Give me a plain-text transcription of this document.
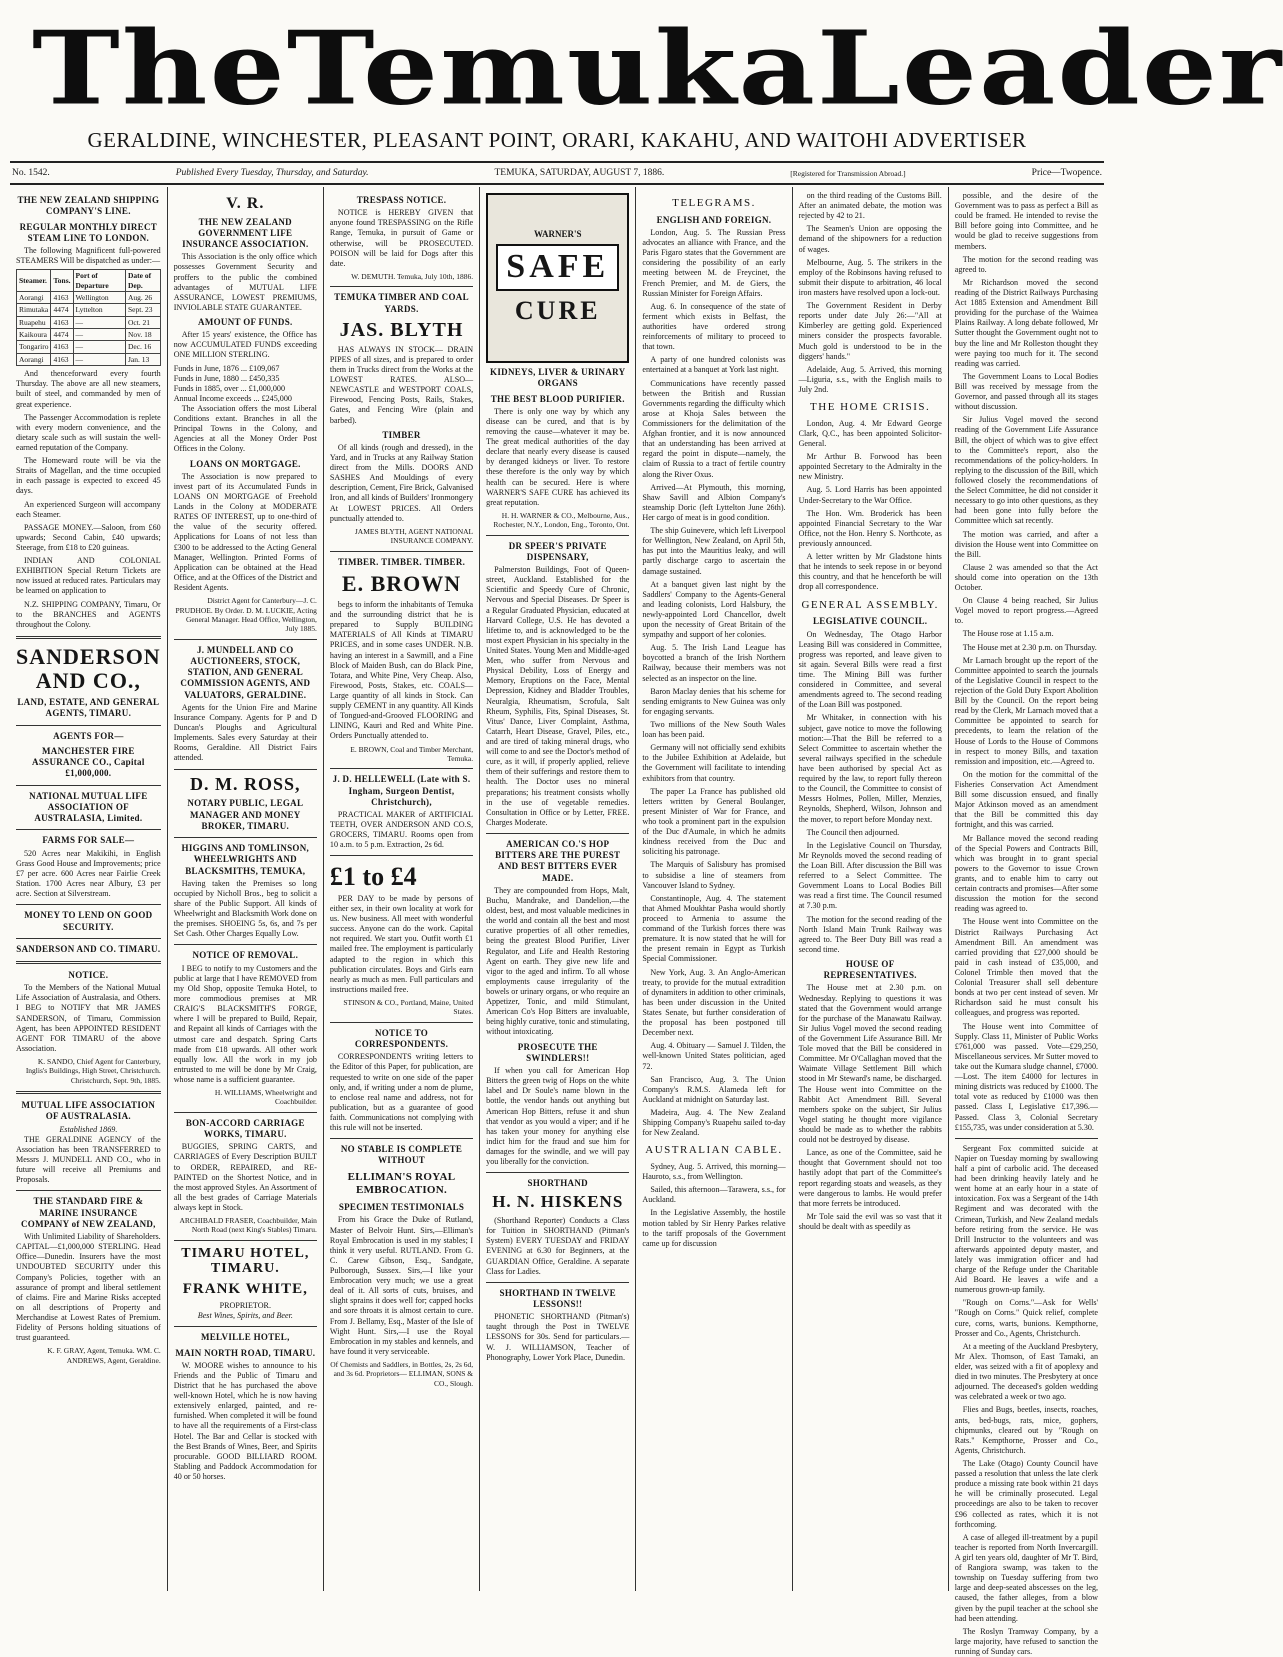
The Temuka Leader
GERALDINE, WINCHESTER, PLEASANT POINT, ORARI, KAKAHU, AND WAITOHI ADVERTISER
No. 1542.	Published Every Tuesday, Thursday, and Saturday.	TEMUKA, SATURDAY, AUGUST 7, 1886.	[Registered for Transmission Abroad.]	Price—Twopence.
THE NEW ZEALAND SHIPPING COMPANY'S LINE.
REGULAR MONTHLY DIRECT STEAM LINE TO LONDON.

The following Magnificent full-powered STEAMERS Will be dispatched as under:—

Steamer.	Tons.	Port of Departure	Date of Dep.
Aorangi	4163	Wellington	Aug. 26
Rimutaka	4474	Lyttelton	Sept. 23
Ruapehu	4163	—	Oct. 21
Kaikoura	4474	—	Nov. 18
Tongariro	4163	—	Dec. 16
Aorangi	4163	—	Jan. 13

And thenceforward every fourth Thursday. The above are all new steamers, built of steel, and commanded by men of great experience.

The Passenger Accommodation is replete with every modern convenience, and the dietary scale such as will sustain the well-earned reputation of the Company.

The Homeward route will be via the Straits of Magellan, and the time occupied in each passage is expected to exceed 45 days.

An experienced Surgeon will accompany each Steamer.

PASSAGE MONEY.—Saloon, from £60 upwards; Second Cabin, £40 upwards; Steerage, from £18 to £20 guineas.

INDIAN AND COLONIAL EXHIBITION Special Return Tickets are now issued at reduced rates. Particulars may be learned on application to

N.Z. SHIPPING COMPANY, Timaru, Or to the BRANCHES and AGENTS throughout the Colony.

SANDERSON AND CO.,
LAND, ESTATE, AND GENERAL AGENTS, TIMARU.
AGENTS FOR—
MANCHESTER FIRE ASSURANCE CO., Capital £1,000,000.
NATIONAL MUTUAL LIFE ASSOCIATION OF AUSTRALASIA, Limited.
FARMS FOR SALE—

520 Acres near Makikihi, in English Grass Good House and Improvements; price £7 per acre. 600 Acres near Fairlie Creek Station. 1700 Acres near Albury, £3 per acre. Section at Silverstream.

MONEY TO LEND ON GOOD SECURITY.
SANDERSON AND CO. TIMARU.
NOTICE.

To the Members of the National Mutual Life Association of Australasia, and Others. I BEG to NOTIFY that MR JAMES SANDERSON, of Timaru, Commission Agent, has been APPOINTED RESIDENT AGENT FOR TIMARU of the above Association.

K. SANDO, Chief Agent for Canterbury, Inglis's Buildings, High Street, Christchurch. Christchurch, Sept. 9th, 1885.
MUTUAL LIFE ASSOCIATION OF AUSTRALASIA.
Established 1869.

THE GERALDINE AGENCY of the Association has been TRANSFERRED to Messrs J. MUNDELL AND CO., who in future will receive all Premiums and Proposals.

THE STANDARD FIRE & MARINE INSURANCE COMPANY of NEW ZEALAND,

With Unlimited Liability of Shareholders. CAPITAL—£1,000,000 STERLING. Head Office—Dunedin. Insurers have the most UNDOUBTED SECURITY under this Company's Policies, together with an assurance of prompt and liberal settlement of claims. Fire and Marine Risks accepted on all descriptions of Property and Merchandise at Lowest Rates of Premium. Fidelity of Persons holding situations of trust guaranteed.

K. F. GRAY, Agent, Temuka. WM. C. ANDREWS, Agent, Geraldine.
V. R.
THE NEW ZEALAND GOVERNMENT LIFE INSURANCE ASSOCIATION.

This Association is the only office which possesses Government Security and proffers to the public the combined advantages of MUTUAL LIFE ASSURANCE, LOWEST PREMIUMS, INVIOLABLE STATE GUARANTEE.

AMOUNT OF FUNDS.

After 15 years' existence, the Office has now ACCUMULATED FUNDS exceeding ONE MILLION STERLING.

Funds in June, 1876 ... £109,067
Funds in June, 1880 ... £450,335
Funds in 1885, over ... £1,000,000
Annual Income exceeds ... £245,000

The Association offers the most Liberal Conditions extant. Branches in all the Principal Towns in the Colony, and Agencies at all the Money Order Post Offices in the Colony.

LOANS ON MORTGAGE.

The Association is now prepared to invest part of its Accumulated Funds in LOANS ON MORTGAGE of Freehold Lands in the Colony at MODERATE RATES OF INTEREST, up to one-third of the value of the security offered. Applications for Loans of not less than £300 to be addressed to the Acting General Manager, Wellington. Printed Forms of Application can be obtained at the Head Office, and at the Offices of the District and Resident Agents.

District Agent for Canterbury—J. C. PRUDHOE. By Order. D. M. LUCKIE, Acting General Manager. Head Office, Wellington, July 1885.
J. MUNDELL AND CO AUCTIONEERS, STOCK, STATION, AND GENERAL COMMISSION AGENTS, AND VALUATORS, GERALDINE.

Agents for the Union Fire and Marine Insurance Company. Agents for P and D Duncan's Ploughs and Agricultural Implements. Sales every Saturday at their Rooms, Geraldine. All District Fairs attended.

D. M. ROSS,
NOTARY PUBLIC, LEGAL MANAGER AND MONEY BROKER, TIMARU.
HIGGINS AND TOMLINSON, WHEELWRIGHTS AND BLACKSMITHS, TEMUKA,

Having taken the Premises so long occupied by Nicholl Bros., beg to solicit a share of the Public Support. All kinds of Wheelwright and Blacksmith Work done on the premises. SHOEING 5s, 6s, and 7s per Set Cash. Other Charges Equally Low.

NOTICE OF REMOVAL.

I BEG to notify to my Customers and the public at large that I have REMOVED from my Old Shop, opposite Temuka Hotel, to more commodious premises at MR CRAIG'S BLACKSMITH'S FORGE, where I will be prepared to Build, Repair, and Repaint all kinds of Carriages with the utmost care and despatch. Spring Carts made from £18 upwards. All other work equally low. All the work in my job entrusted to me will be done by Mr Craig, whose name is a sufficient guarantee.

H. WILLIAMS, Wheelwright and Coachbuilder.
BON-ACCORD CARRIAGE WORKS, TIMARU.

BUGGIES, SPRING CARTS, and CARRIAGES of Every Description BUILT to ORDER, REPAIRED, and RE-PAINTED on the Shortest Notice, and in the most approved Styles. An Assortment of all the best grades of Carriage Materials always kept in Stock.

ARCHIBALD FRASER, Coachbuilder, Main North Road (next King's Stables) Timaru.
TIMARU HOTEL, TIMARU.
FRANK WHITE,
PROPRIETOR.
Best Wines, Spirits, and Beer.
MELVILLE HOTEL,
MAIN NORTH ROAD, TIMARU.

W. MOORE wishes to announce to his Friends and the Public of Timaru and District that he has purchased the above well-known Hotel, which he is now having extensively enlarged, painted, and re-furnished. When completed it will be found to have all the requirements of a First-class Hotel. The Bar and Cellar is stocked with the Best Brands of Wines, Beer, and Spirits procurable. GOOD BILLIARD ROOM. Stabling and Paddock Accommodation for 40 or 50 horses.

TRESPASS NOTICE.

NOTICE is HEREBY GIVEN that anyone found TRESPASSING on the Rifle Range, Temuka, in pursuit of Game or otherwise, will be PROSECUTED. POISON will be laid for Dogs after this date.

W. DEMUTH. Temuka, July 10th, 1886.
TEMUKA TIMBER AND COAL YARDS.
JAS. BLYTH

HAS ALWAYS IN STOCK— DRAIN PIPES of all sizes, and is prepared to order them in Trucks direct from the Works at the LOWEST RATES. ALSO— NEWCASTLE and WESTPORT COALS, Firewood, Fencing Posts, Rails, Stakes, Gates, and Fencing Wire (plain and barbed).

TIMBER

Of all kinds (rough and dressed), in the Yard, and in Trucks at any Railway Station direct from the Mills. DOORS AND SASHES And Mouldings of every description, Cement, Fire Brick, Galvanised Iron, and all kinds of Builders' Ironmongery At LOWEST PRICES. All Orders punctually attended to.

JAMES BLYTH, AGENT NATIONAL INSURANCE COMPANY.
TIMBER. TIMBER. TIMBER.
E. BROWN

begs to inform the inhabitants of Temuka and the surrounding district that he is prepared to Supply BUILDING MATERIALS of All Kinds at TIMARU PRICES, and in some cases UNDER. N.B. having an interest in a Sawmill, and a Fine Block of Maiden Bush, can do Black Pine, Totara, and White Pine, Very Cheap. Also, Firewood, Posts, Stakes, etc. COALS—Large quantity of all kinds in Stock. Can supply CEMENT in any quantity. All Kinds of Tongued-and-Grooved FLOORING and LINING, Kauri and Red and White Pine. Orders Punctually attended to.

E. BROWN, Coal and Timber Merchant, Temuka.
J. D. HELLEWELL (Late with S. Ingham, Surgeon Dentist, Christchurch),

PRACTICAL MAKER of ARTIFICIAL TEETH, OVER ANDERSON AND CO.S, GROCERS, TIMARU. Rooms open from 10 a.m. to 5 p.m. Extraction, 2s 6d.

£1 to £4

PER DAY to be made by persons of either sex, in their own locality at work for us. New business. All meet with wonderful success. Anyone can do the work. Capital not required. We start you. Outfit worth £1 mailed free. The employment is particularly adapted to the region in which this publication circulates. Boys and Girls earn nearly as much as men. Full particulars and instructions mailed free.

STINSON & CO., Portland, Maine, United States.
NOTICE TO CORRESPONDENTS.

CORRESPONDENTS writing letters to the Editor of this Paper, for publication, are requested to write on one side of the paper only, and, if writing under a nom de plume, to enclose real name and address, not for publication, but as a guarantee of good faith. Communications not complying with this rule will not be inserted.

NO STABLE IS COMPLETE WITHOUT
ELLIMAN'S ROYAL EMBROCATION.
SPECIMEN TESTIMONIALS

From his Grace the Duke of Rutland, Master of Belvoir Hunt. Sirs,—Elliman's Royal Embrocation is used in my stables; I think it very useful. RUTLAND. From G. C. Carew Gibson, Esq., Sandgate, Pulborough, Sussex. Sirs,—I like your Embrocation very much; we use a great deal of it. All sorts of cuts, bruises, and slight sprains it does well for; capped hocks and sore throats it is almost certain to cure. From J. Bellamy, Esq., Master of the Isle of Wight Hunt. Sirs,—I use the Royal Embrocation in my stables and kennels, and have found it very serviceable.

Of Chemists and Saddlers, in Bottles, 2s, 2s 6d, and 3s 6d. Proprietors— ELLIMAN, SONS & CO., Slough.
WARNER'S
SAFE
CURE
KIDNEYS, LIVER & URINARY ORGANS
THE BEST BLOOD PURIFIER.

There is only one way by which any disease can be cured, and that is by removing the cause—whatever it may be. The great medical authorities of the day declare that nearly every disease is caused by deranged kidneys or liver. To restore these therefore is the only way by which health can be secured. Here is where WARNER'S SAFE CURE has achieved its great reputation.

H. H. WARNER & CO., Melbourne, Aus., Rochester, N.Y., London, Eng., Toronto, Ont.
DR SPEER'S PRIVATE DISPENSARY,

Palmerston Buildings, Foot of Queen-street, Auckland. Established for the Scientific and Speedy Cure of Chronic, Nervous and Special Diseases. Dr Speer is a Regular Graduated Physician, educated at Harvard College, U.S. He has devoted a lifetime to, and is acknowledged to be the most expert Physician in his specialty in the United States. Young Men and Middle-aged Men, who suffer from Nervous and Physical Debility, Loss of Energy and Memory, Eruptions on the Face, Mental Depression, Kidney and Bladder Troubles, Neuralgia, Rheumatism, Scrofula, Salt Rheum, Syphilis, Fits, Spinal Diseases, St. Vitus' Dance, Liver Complaint, Asthma, Catarrh, Heart Disease, Gravel, Piles, etc., and are tired of taking mineral drugs, who will come to and see the Doctor's method of cure, as it will, if properly applied, relieve them of their sufferings and restore them to health. The Doctor uses no mineral preparations; his treatment consists wholly in the use of vegetable remedies. Consultation in Office or by Letter, FREE. Charges Moderate.

AMERICAN CO.'S HOP BITTERS ARE THE PUREST AND BEST BITTERS EVER MADE.

They are compounded from Hops, Malt, Buchu, Mandrake, and Dandelion,—the oldest, best, and most valuable medicines in the world and contain all the best and most curative properties of all other remedies, being the greatest Blood Purifier, Liver Regulator, and Life and Health Restoring Agent on earth. They give new life and vigor to the aged and infirm. To all whose employments cause irregularity of the bowels or urinary organs, or who require an Appetizer, Tonic, and mild Stimulant, American Co's Hop Bitters are invaluable, being highly curative, tonic and stimulating, without intoxicating.

PROSECUTE THE SWINDLERS!!

If when you call for American Hop Bitters the green twig of Hops on the white label and Dr Soule's name blown in the bottle, the vendor hands out anything but American Hop Bitters, refuse it and shun that vendor as you would a viper; and if he has taken your money for anything else indict him for the fraud and sue him for damages for the swindle, and we will pay you liberally for the conviction.

SHORTHAND
H. N. HISKENS

(Shorthand Reporter) Conducts a Class for Tuition in SHORTHAND (Pitman's System) EVERY TUESDAY and FRIDAY EVENING at 6.30 for Beginners, at the GUARDIAN Office, Geraldine. A separate Class for Ladies.

SHORTHAND IN TWELVE LESSONS!!

PHONETIC SHORTHAND (Pitman's) taught through the Post in TWELVE LESSONS for 30s. Send for particulars.—W. J. WILLIAMSON, Teacher of Phonography, Lower York Place, Dunedin.

TELEGRAMS.
ENGLISH AND FOREIGN.

London, Aug. 5. The Russian Press advocates an alliance with France, and the Paris Figaro states that the Government are considering the possibility of an early meeting between M. de Freycinet, the French Premier, and M. de Giers, the Russian Minister for Foreign Affairs.

Aug. 6. In consequence of the state of ferment which exists in Belfast, the authorities have ordered strong reinforcements of military to proceed to that town.

A party of one hundred colonists was entertained at a banquet at York last night.

Communications have recently passed between the British and Russian Governments regarding the difficulty which arose at Khoja Sales between the Commissioners for the delimitation of the Afghan frontier, and it is now announced that an understanding has been arrived at regard the point in dispute—namely, the claim of Russia to a tract of fertile country along the River Oxus.

Arrived—At Plymouth, this morning, Shaw Savill and Albion Company's steamship Doric (left Lyttelton June 26th). Her cargo of meat is in good condition.

The ship Guinevere, which left Liverpool for Wellington, New Zealand, on April 5th, has put into the Mauritius leaky, and will partly discharge cargo to ascertain the damage sustained.

At a banquet given last night by the Saddlers' Company to the Agents-General and leading colonists, Lord Halsbury, the newly-appointed Lord Chancellor, dwelt upon the necessity of Great Britain of the sympathy and support of her colonies.

Aug. 5. The Irish Land League has boycotted a branch of the Irish Northern Railway, because their members was not selected as an inspector on the line.

Baron Maclay denies that his scheme for sending emigrants to New Guinea was only for engaging servants.

Two millions of the New South Wales loan has been paid.

Germany will not officially send exhibits to the Jubilee Exhibition at Adelaide, but the Government will facilitate to intending exhibitors from that country.

The paper La France has published old letters written by General Boulanger, present Minister of War for France, and who took a prominent part in the expulsion of the Duc d'Aumale, in which he admits kindness received from the Duc and soliciting his patronage.

The Marquis of Salisbury has promised to subsidise a line of steamers from Vancouver Island to Sydney.

Constantinople, Aug. 4. The statement that Ahmed Moukhtar Pasha would shortly proceed to Armenia to assume the command of the Turkish forces there was premature. It is now stated that he will for the present remain in Egypt as Turkish Special Commissioner.

New York, Aug. 3. An Anglo-American treaty, to provide for the mutual extradition of dynamiters in addition to other criminals, has been under discussion in the United States Senate, but further consideration of the proposal has been postponed till December next.

Aug. 4. Obituary — Samuel J. Tilden, the well-known United States politician, aged 72.

San Francisco, Aug. 3. The Union Company's R.M.S. Alameda left for Auckland at midnight on Saturday last.

Madeira, Aug. 4. The New Zealand Shipping Company's Ruapehu sailed to-day for New Zealand.

AUSTRALIAN CABLE.

Sydney, Aug. 5. Arrived, this morning—Hauroto, s.s., from Wellington.

Sailed, this afternoon—Tarawera, s.s., for Auckland.

In the Legislative Assembly, the hostile motion tabled by Sir Henry Parkes relative to the tariff proposals of the Government came up for discussion

on the third reading of the Customs Bill. After an animated debate, the motion was rejected by 42 to 21.

The Seamen's Union are opposing the demand of the shipowners for a reduction of wages.

Melbourne, Aug. 5. The strikers in the employ of the Robinsons having refused to submit their dispute to arbitration, 46 local iron masters have resolved upon a lock-out.

The Government Resident in Derby reports under date July 26:—"All at Kimberley are getting gold. Experienced miners consider the prospects favorable. Much gold is understood to be in the diggers' hands."

Adelaide, Aug. 5. Arrived, this morning—Liguria, s.s., with the English mails to July 2nd.

THE HOME CRISIS.

London, Aug. 4. Mr Edward George Clark, Q.C., has been appointed Solicitor-General.

Mr Arthur B. Forwood has been appointed Secretary to the Admiralty in the new Ministry.

Aug. 5. Lord Harris has been appointed Under-Secretary to the War Office.

The Hon. Wm. Broderick has been appointed Financial Secretary to the War Office, not the Hon. Henry S. Northcote, as previously announced.

A letter written by Mr Gladstone hints that he intends to seek repose in or beyond this country, and that he henceforth be will drop all correspondence.

GENERAL ASSEMBLY.
LEGISLATIVE COUNCIL.

On Wednesday, The Otago Harbor Leasing Bill was considered in Committee, progress was reported, and leave given to sit again. Several Bills were read a first time. The Mining Bill was further considered in Committee, and several amendments agreed to. The second reading of the Loan Bill was postponed.

Mr Whitaker, in connection with his subject, gave notice to move the following motion:—That the Bill be referred to a Select Committee to ascertain whether the several railways specified in the schedule have been authorised by special Act as required by the law, to report fully thereon to the Council, the Committee to consist of Messrs Holmes, Pollen, Miller, Menzies, Reynolds, Shepherd, Wilson, Johnson and the mover, to report before Monday next.

The Council then adjourned.

In the Legislative Council on Thursday, Mr Reynolds moved the second reading of the Loan Bill. After discussion the Bill was referred to a Select Committee. The Government Loans to Local Bodies Bill was read a first time. The Council resumed at 7.30 p.m.

The motion for the second reading of the North Island Main Trunk Railway was agreed to. The Beer Duty Bill was read a second time.

HOUSE OF REPRESENTATIVES.

The House met at 2.30 p.m. on Wednesday. Replying to questions it was stated that the Government would arrange for the purchase of the Manawatu Railway. Sir Julius Vogel moved the second reading of the Government Life Assurance Bill. Mr Tole moved that the Bill be considered in Committee. Mr O'Callaghan moved that the Waimate Village Settlement Bill which stood in Mr Steward's name, be discharged. The House went into Committee on the Rabbit Act Amendment Bill. Several members spoke on the subject, Sir Julius Vogel stating he thought more vigilance should be made as to whether the rabbits could not be destroyed by disease.

Lance, as one of the Committee, said he thought that Government should not too hastily adopt that part of the Committee's report regarding stoats and weasels, as they were dangerous to lambs. He would prefer that more ferrets be introduced.

Mr Tole said the evil was so vast that it should be dealt with as speedily as

possible, and the desire of the Government was to pass as perfect a Bill as could be framed. He intended to revise the Bill before going into Committee, and he would be glad to receive suggestions from members.

The motion for the second reading was agreed to.

Mr Richardson moved the second reading of the District Railways Purchasing Act 1885 Extension and Amendment Bill providing for the purchase of the Waimea Plains Railway. A long debate followed, Mr Sutter thought the Government ought not to buy the line and Mr Rolleston thought they were paying too much for it. The second reading was carried.

The Government Loans to Local Bodies Bill was received by message from the Governor, and passed through all its stages without discussion.

Sir Julius Vogel moved the second reading of the Government Life Assurance Bill, the object of which was to give effect to the Committee's report, also the recommendations of the policy-holders. In replying to the discussion of the Bill, which followed closely the recommendations of the Select Committee, he did not consider it necessary to go into other questions, as they had been gone into fully before the Committee which sat recently.

The motion was carried, and after a division the House went into Committee on the Bill.

Clause 2 was amended so that the Act should come into operation on the 13th October.

On Clause 4 being reached, Sir Julius Vogel moved to report progress.—Agreed to.

The House rose at 1.15 a.m.

The House met at 2.30 p.m. on Thursday.

Mr Larnach brought up the report of the Committee appointed to search the journals of the Legislative Council in respect to the rejection of the Gold Duty Export Abolition Bill by the Council. On the report being read by the Clerk, Mr Larnach moved that a Committee be appointed to search for precedents, to learn the relation of the House of Lords to the House of Commons in respect to money Bills, and taxation remission and imposition, etc.—Agreed to.

On the motion for the committal of the Fisheries Conservation Act Amendment Bill some discussion ensued, and finally Major Atkinson moved as an amendment that the Bill be committed this day fortnight, and this was carried.

Mr Ballance moved the second reading of the Special Powers and Contracts Bill, which was brought in to grant special powers to the Governor to issue Crown grants, and to enable him to carry out certain contracts and promises—After some discussion the motion for the second reading was agreed to.

The House went into Committee on the District Railways Purchasing Act Amendment Bill. An amendment was carried providing that £27,000 should be paid in cash instead of £35,000, and Colonel Trimble then moved that the Colonial Treasurer shall sell debenture bonds at two per cent instead of seven. Mr Richardson said he must consult his colleagues, and progress was reported.

The House went into Committee of Supply. Class 11, Minister of Public Works £761,000 was passed. Vote—£29,250, Miscellaneous services. Mr Sutter moved to take out the Kumara sludge channel, £7000.—Lost. The item £4000 for lectures in mining districts was reduced by £1000. The total vote as reduced by £1000 was then passed. Class I, Legislative £17,396.—Passed. Class 3, Colonial Secretary £155,735, was under consideration at 5.30.

Sergeant Fox committed suicide at Napier on Tuesday morning by swallowing half a pint of carbolic acid. The deceased had been drinking heavily lately and he went home at an early hour in a state of intoxication. Fox was a Sergeant of the 14th Regiment and was decorated with the Crimean, Turkish, and New Zealand medals before retiring from the service. He was Drill Instructor to the volunteers and was afterwards appointed deputy master, and lately was immigration officer and had charge of the Refuge under the Charitable Aid Board. He leaves a wife and a numerous grown-up family.

"Rough on Corns."—Ask for Wells' "Rough on Corns." Quick relief, complete cure, corns, warts, bunions. Kempthorne, Prosser and Co., Agents, Christchurch.

At a meeting of the Auckland Presbytery, Mr Alex. Thomson, of East Tamaki, an elder, was seized with a fit of apoplexy and died in two minutes. The Presbytery at once adjourned. The deceased's golden wedding was celebrated a week or two ago.

Flies and Bugs, beetles, insects, roaches, ants, bed-bugs, rats, mice, gophers, chipmunks, cleared out by "Rough on Rats." Kempthorne, Prosser and Co., Agents, Christchurch.

The Lake (Otago) County Council have passed a resolution that unless the late clerk produce a missing rate book within 21 days he will be criminally prosecuted. Legal proceedings are also to be taken to recover £96 collected as rates, which it is not forthcoming.

A case of alleged ill-treatment by a pupil teacher is reported from North Invercargill. A girl ten years old, daughter of Mr T. Bird, of Rangiora swamp, was taken to the township on Tuesday suffering from two large and deep-seated abscesses on the leg, caused, the father alleges, from a blow given by the pupil teacher at the school she had been attending.

The Roslyn Tramway Company, by a large majority, have refused to sanction the running of Sunday cars.
